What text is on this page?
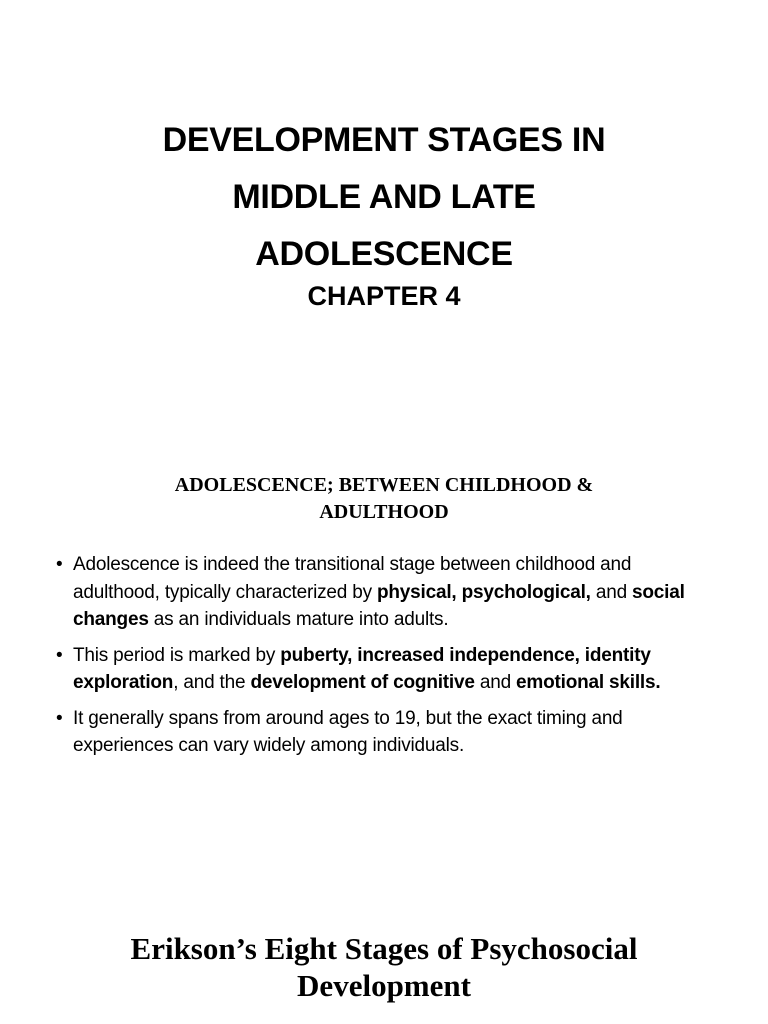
DEVELOPMENT STAGES IN
MIDDLE AND LATE
ADOLESCENCE
CHAPTER 4
ADOLESCENCE; BETWEEN CHILDHOOD &
ADULTHOOD
• Adolescence is indeed the transitional stage between childhood and adulthood, typically characterized by physical, psychological, and social changes as an individuals mature into adults.
• This period is marked by puberty, increased independence, identity exploration, and the development of cognitive and emotional skills.
• It generally spans from around ages to 19, but the exact timing and experiences can vary widely among individuals.
Erikson’s Eight Stages of Psychosocial
Development
